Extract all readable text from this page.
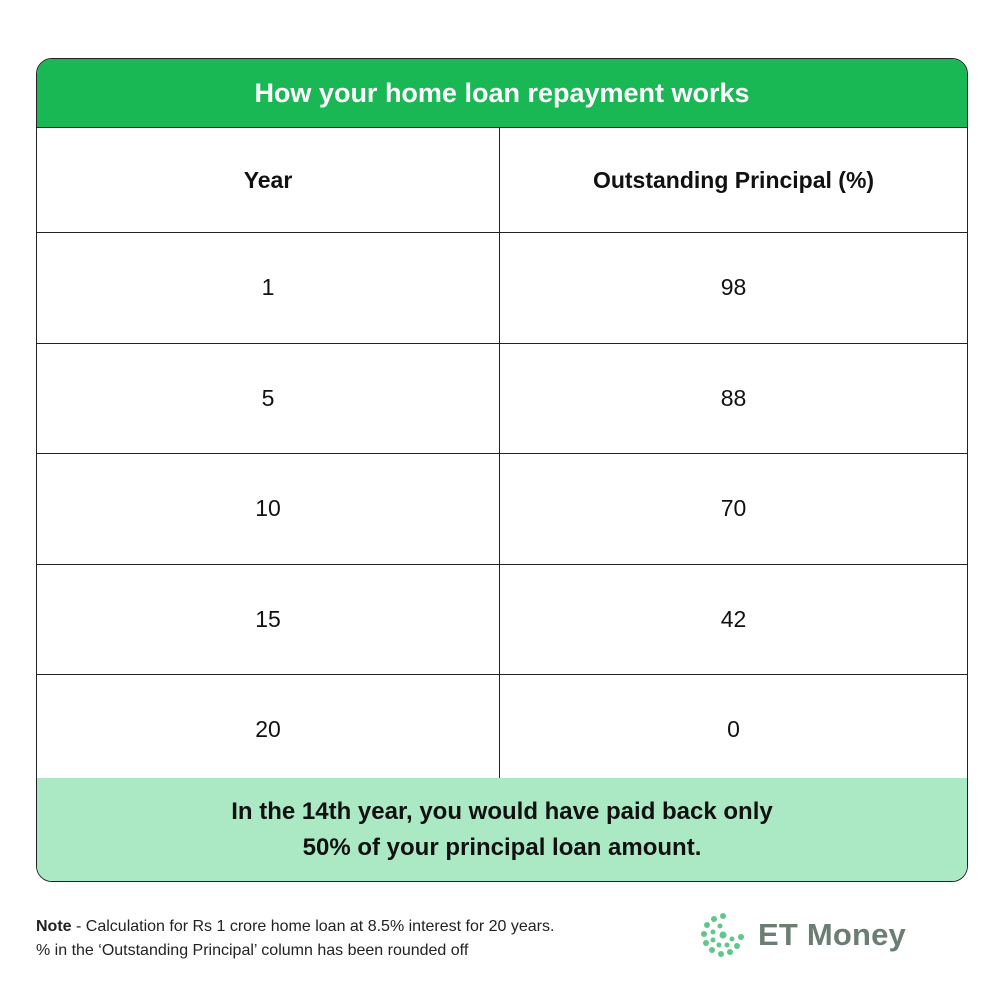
How your home loan repayment works
Year	Outstanding Principal (%)
1	98
5	88
10	70
15	42
20	0
In the 14th year, you would have paid back only
50% of your principal loan amount.
Note - Calculation for Rs 1 crore home loan at 8.5% interest for 20 years.
% in the ‘Outstanding Principal’ column has been rounded off	ET Money
